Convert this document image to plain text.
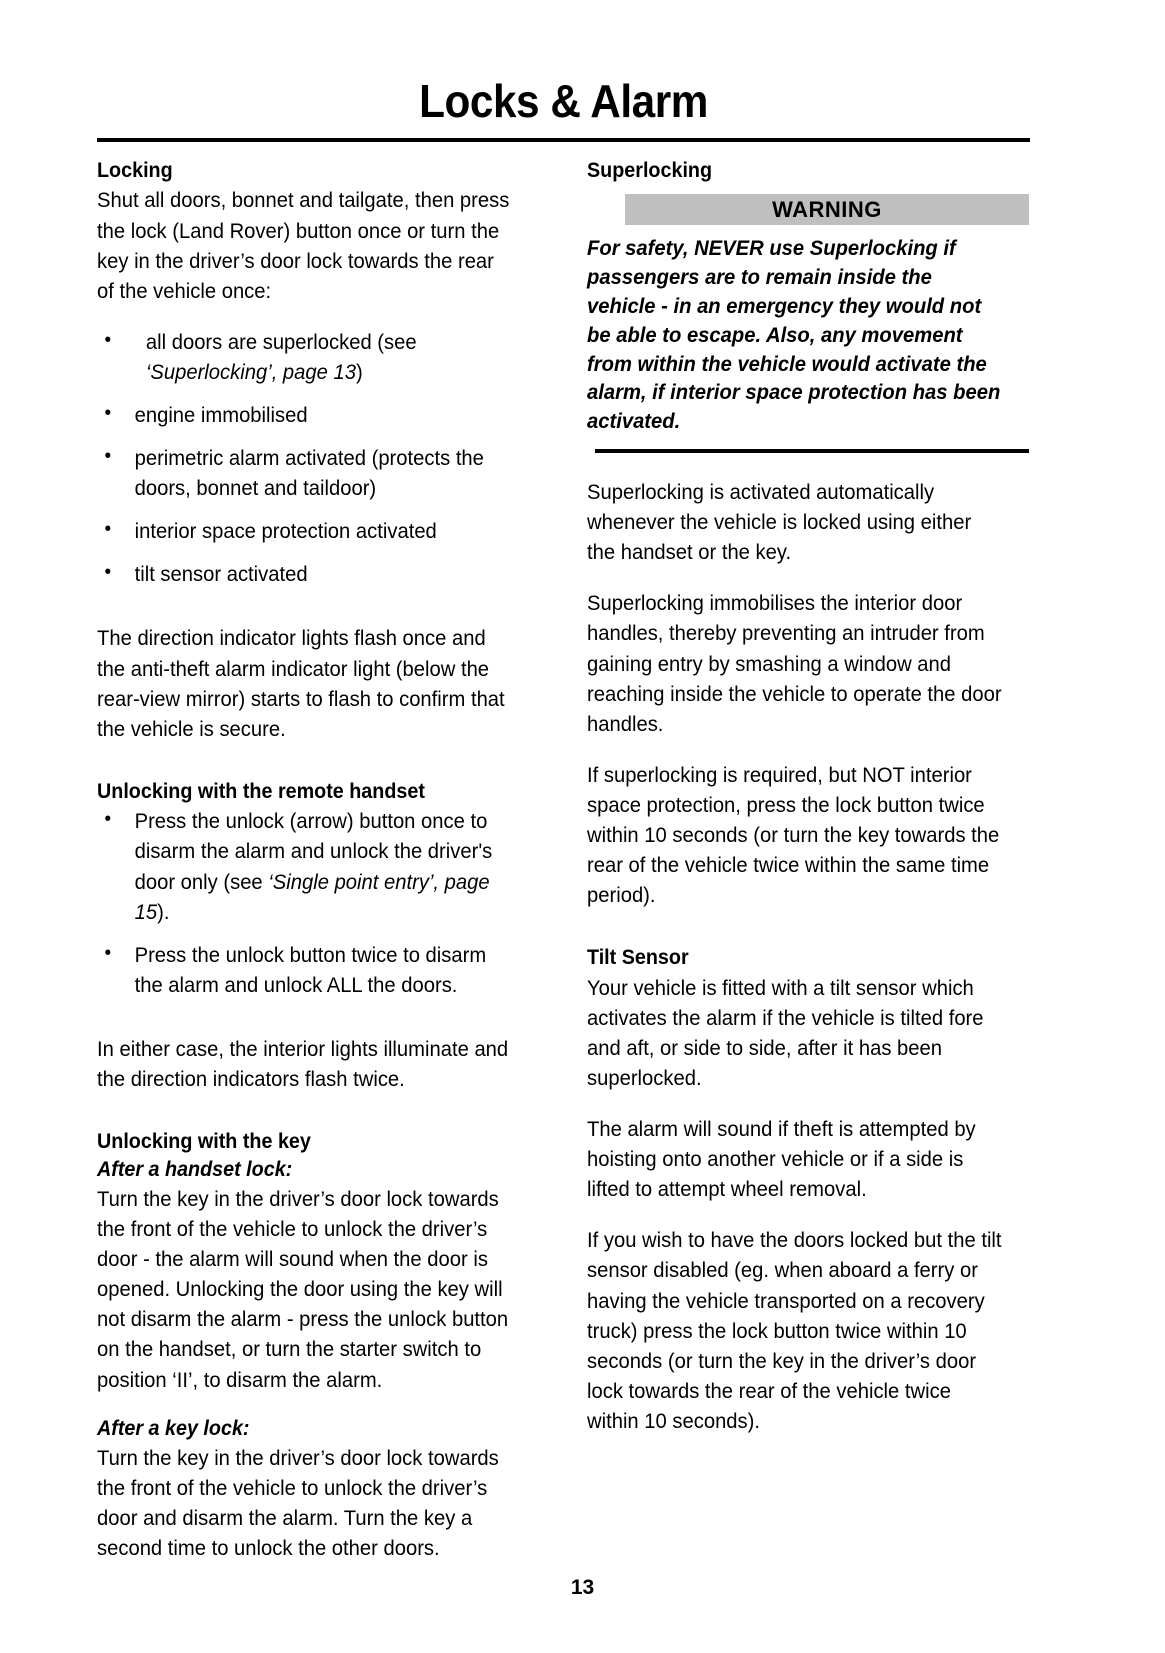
Locks & Alarm
Locking
Shut all doors, bonnet and tailgate, then press the lock (Land Rover) button once or turn the key in the driver’s door lock towards the rear of the vehicle once:
• all doors are superlocked (see ‘Superlocking’, page 13)
• engine immobilised
• perimetric alarm activated (protects the doors, bonnet and taildoor)
• interior space protection activated
• tilt sensor activated
The direction indicator lights flash once and the anti-theft alarm indicator light (below the rear-view mirror) starts to flash to confirm that the vehicle is secure.
Unlocking with the remote handset
• Press the unlock (arrow) button once to disarm the alarm and unlock the driver's door only (see ‘Single point entry’, page 15).
• Press the unlock button twice to disarm the alarm and unlock ALL the doors.
In either case, the interior lights illuminate and the direction indicators flash twice.
Unlocking with the key
After a handset lock:
Turn the key in the driver’s door lock towards the front of the vehicle to unlock the driver’s door - the alarm will sound when the door is opened. Unlocking the door using the key will not disarm the alarm - press the unlock button on the handset, or turn the starter switch to position ‘II’, to disarm the alarm.
After a key lock:
Turn the key in the driver’s door lock towards the front of the vehicle to unlock the driver’s door and disarm the alarm. Turn the key a second time to unlock the other doors.
Superlocking
WARNING
For safety, NEVER use Superlocking if passengers are to remain inside the vehicle - in an emergency they would not be able to escape. Also, any movement from within the vehicle would activate the alarm, if interior space protection has been activated.
Superlocking is activated automatically whenever the vehicle is locked using either the handset or the key.
Superlocking immobilises the interior door handles, thereby preventing an intruder from gaining entry by smashing a window and reaching inside the vehicle to operate the door handles.
If superlocking is required, but NOT interior space protection, press the lock button twice within 10 seconds (or turn the key towards the rear of the vehicle twice within the same time period).
Tilt Sensor
Your vehicle is fitted with a tilt sensor which activates the alarm if the vehicle is tilted fore and aft, or side to side, after it has been superlocked.
The alarm will sound if theft is attempted by hoisting onto another vehicle or if a side is lifted to attempt wheel removal.
If you wish to have the doors locked but the tilt sensor disabled (eg. when aboard a ferry or having the vehicle transported on a recovery truck) press the lock button twice within 10 seconds (or turn the key in the driver’s door lock towards the rear of the vehicle twice within 10 seconds).
13
